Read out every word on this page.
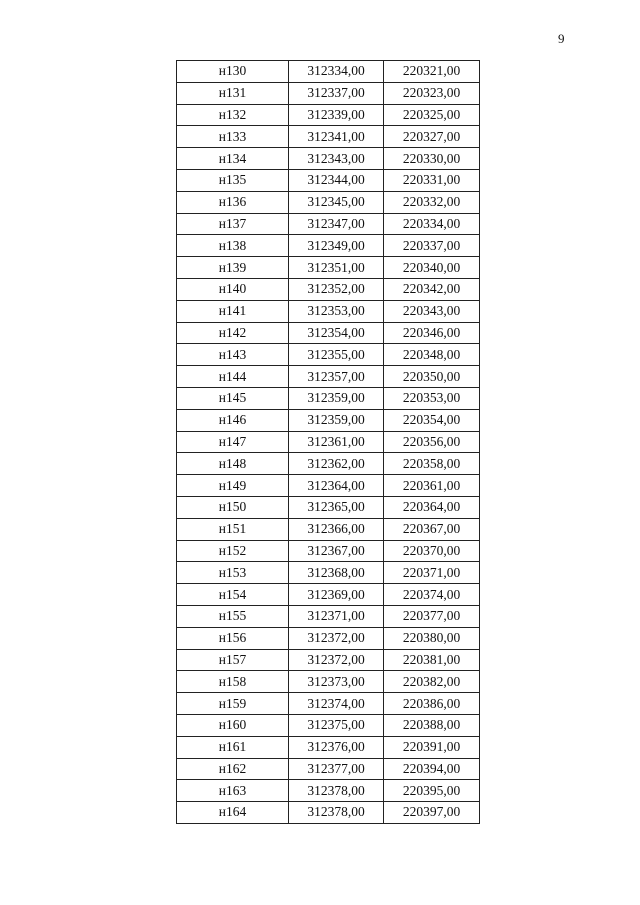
9
н130	312334,00	220321,00
н131	312337,00	220323,00
н132	312339,00	220325,00
н133	312341,00	220327,00
н134	312343,00	220330,00
н135	312344,00	220331,00
н136	312345,00	220332,00
н137	312347,00	220334,00
н138	312349,00	220337,00
н139	312351,00	220340,00
н140	312352,00	220342,00
н141	312353,00	220343,00
н142	312354,00	220346,00
н143	312355,00	220348,00
н144	312357,00	220350,00
н145	312359,00	220353,00
н146	312359,00	220354,00
н147	312361,00	220356,00
н148	312362,00	220358,00
н149	312364,00	220361,00
н150	312365,00	220364,00
н151	312366,00	220367,00
н152	312367,00	220370,00
н153	312368,00	220371,00
н154	312369,00	220374,00
н155	312371,00	220377,00
н156	312372,00	220380,00
н157	312372,00	220381,00
н158	312373,00	220382,00
н159	312374,00	220386,00
н160	312375,00	220388,00
н161	312376,00	220391,00
н162	312377,00	220394,00
н163	312378,00	220395,00
н164	312378,00	220397,00
